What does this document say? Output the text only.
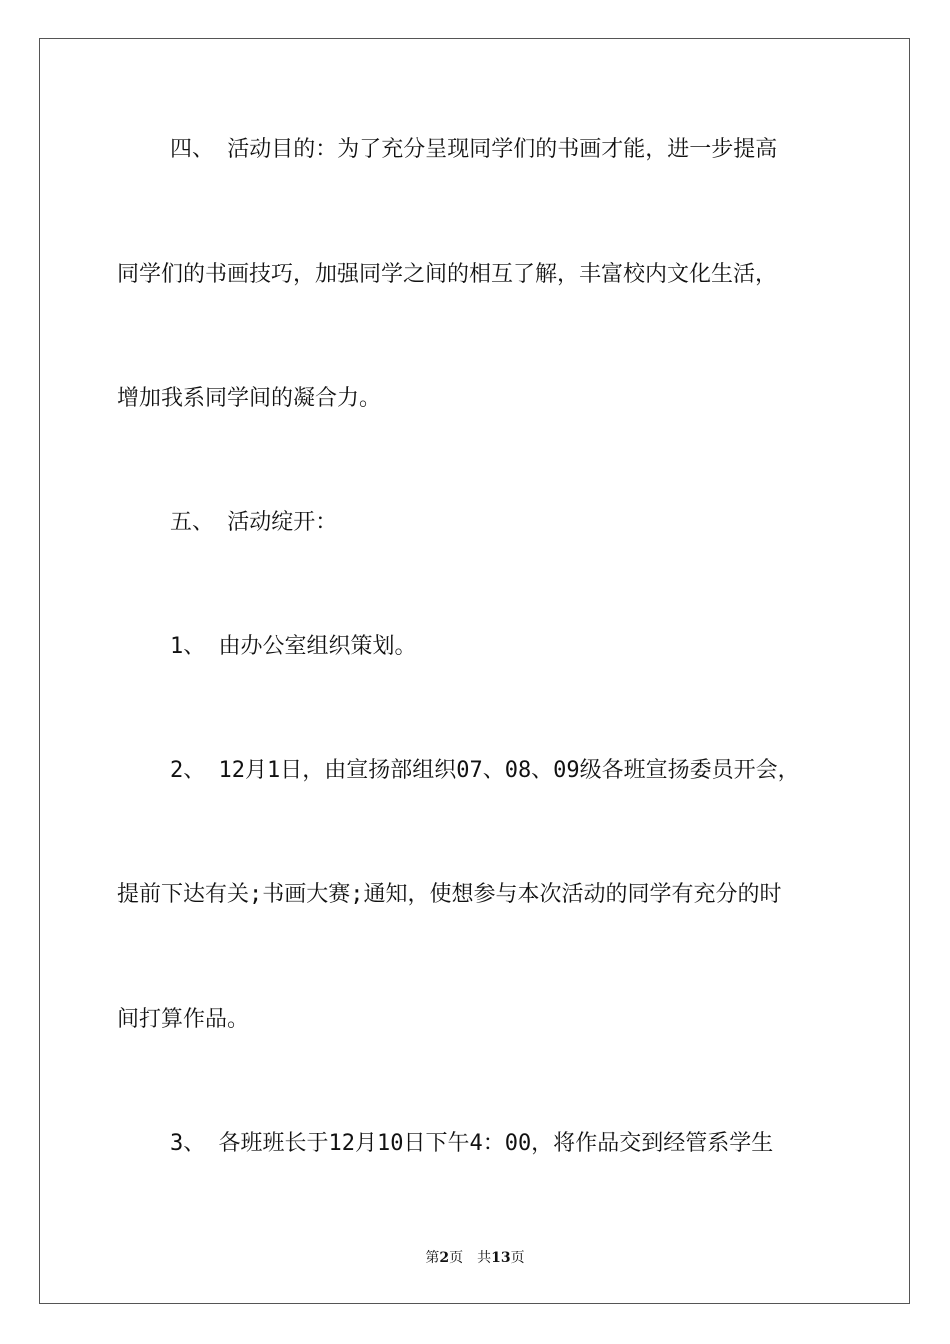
四、 活动目的：为了充分呈现同学们的书画才能，进一步提高
同学们的书画技巧，加强同学之间的相互了解，丰富校内文化生活，
增加我系同学间的凝合力。
五、 活动绽开：
1、 由办公室组织策划。
2、 12月1日，由宣扬部组织07、08、09级各班宣扬委员开会，
提前下达有关;书画大赛;通知，使想参与本次活动的同学有充分的时
间打算作品。
3、 各班班长于12月10日下午4：00，将作品交到经管系学生
第2页 共13页
